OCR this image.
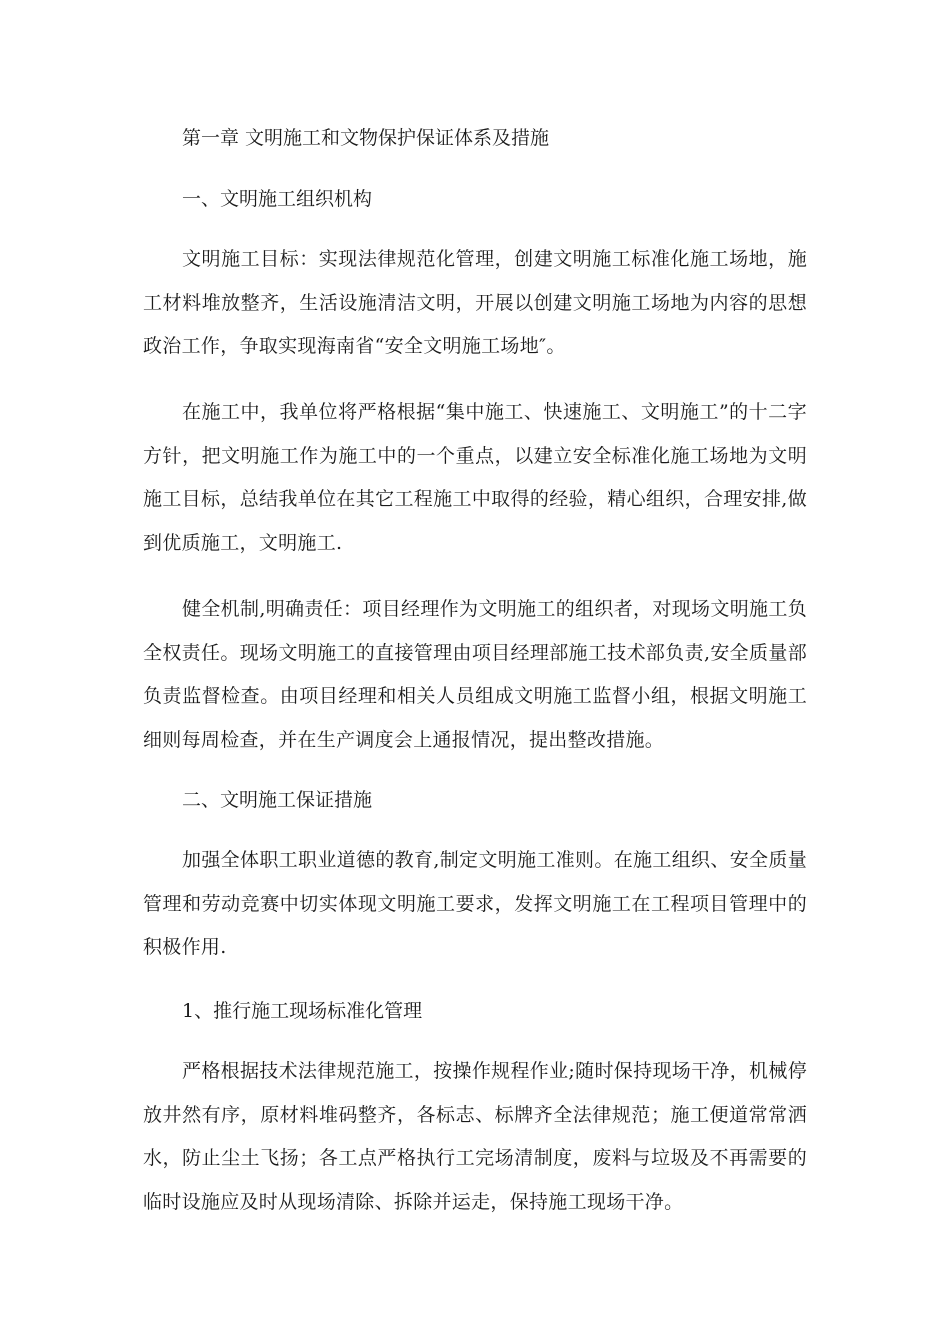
第一章 文明施工和文物保护保证体系及措施

一、文明施工组织机构

文明施工目标：实现法律规范化管理，创建文明施工标准化施工场地，施工材料堆放整齐，生活设施清洁文明，开展以创建文明施工场地为内容的思想政治工作，争取实现海南省“安全文明施工场地″。

在施工中，我单位将严格根据“集中施工、快速施工、文明施工”的十二字方针，把文明施工作为施工中的一个重点，以建立安全标准化施工场地为文明施工目标，总结我单位在其它工程施工中取得的经验，精心组织，合理安排,做到优质施工，文明施工.

健全机制,明确责任：项目经理作为文明施工的组织者，对现场文明施工负全权责任。现场文明施工的直接管理由项目经理部施工技术部负责,安全质量部负责监督检查。由项目经理和相关人员组成文明施工监督小组，根据文明施工细则每周检查，并在生产调度会上通报情况，提出整改措施。

二、文明施工保证措施

加强全体职工职业道德的教育,制定文明施工准则。在施工组织、安全质量管理和劳动竞赛中切实体现文明施工要求，发挥文明施工在工程项目管理中的积极作用.

1、推行施工现场标准化管理

严格根据技术法律规范施工，按操作规程作业;随时保持现场干净，机械停放井然有序，原材料堆码整齐，各标志、标牌齐全法律规范；施工便道常常洒水，防止尘土飞扬；各工点严格执行工完场清制度，废料与垃圾及不再需要的临时设施应及时从现场清除、拆除并运走，保持施工现场干净。
